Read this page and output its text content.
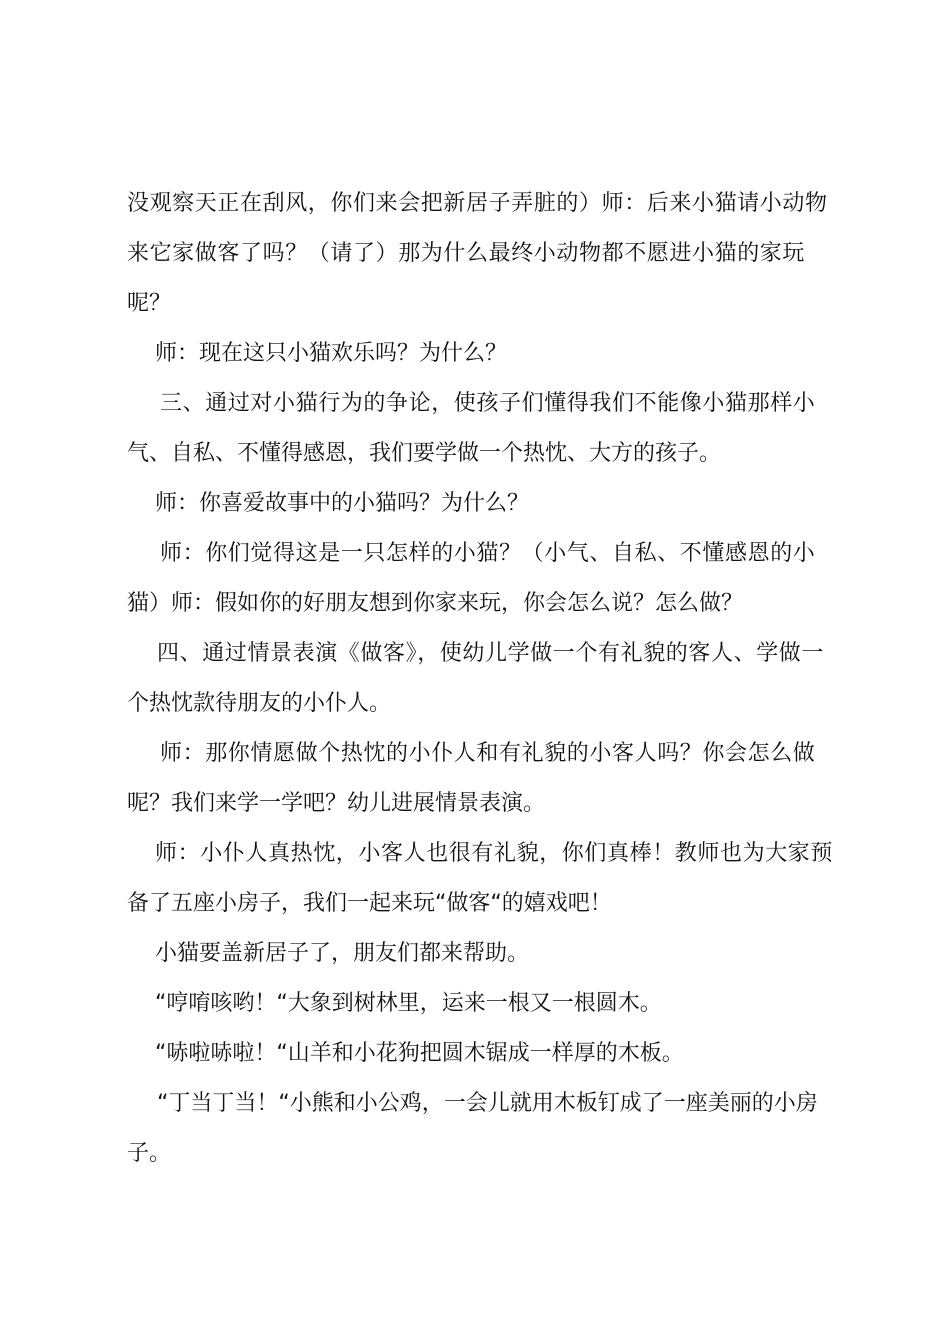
没观察天正在刮风，你们来会把新居子弄脏的）师：后来小猫请小动物
来它家做客了吗？（请了）那为什么最终小动物都不愿进小猫的家玩
呢？
师：现在这只小猫欢乐吗？为什么？
三、通过对小猫行为的争论，使孩子们懂得我们不能像小猫那样小
气、自私、不懂得感恩，我们要学做一个热忱、大方的孩子。
师：你喜爱故事中的小猫吗？为什么？
师：你们觉得这是一只怎样的小猫？（小气、自私、不懂感恩的小
猫）师：假如你的好朋友想到你家来玩，你会怎么说？怎么做？
四、通过情景表演《做客》，使幼儿学做一个有礼貌的客人、学做一
个热忱款待朋友的小仆人。
师：那你情愿做个热忱的小仆人和有礼貌的小客人吗？你会怎么做
呢？我们来学一学吧？幼儿进展情景表演。
师：小仆人真热忱，小客人也很有礼貌，你们真棒！教师也为大家预
备了五座小房子，我们一起来玩“做客“的嬉戏吧！
小猫要盖新居子了，朋友们都来帮助。
“哼唷咳哟！“大象到树林里，运来一根又一根圆木。
“哧啦哧啦！“山羊和小花狗把圆木锯成一样厚的木板。
“丁当丁当！“小熊和小公鸡，一会儿就用木板钉成了一座美丽的小房
子。
